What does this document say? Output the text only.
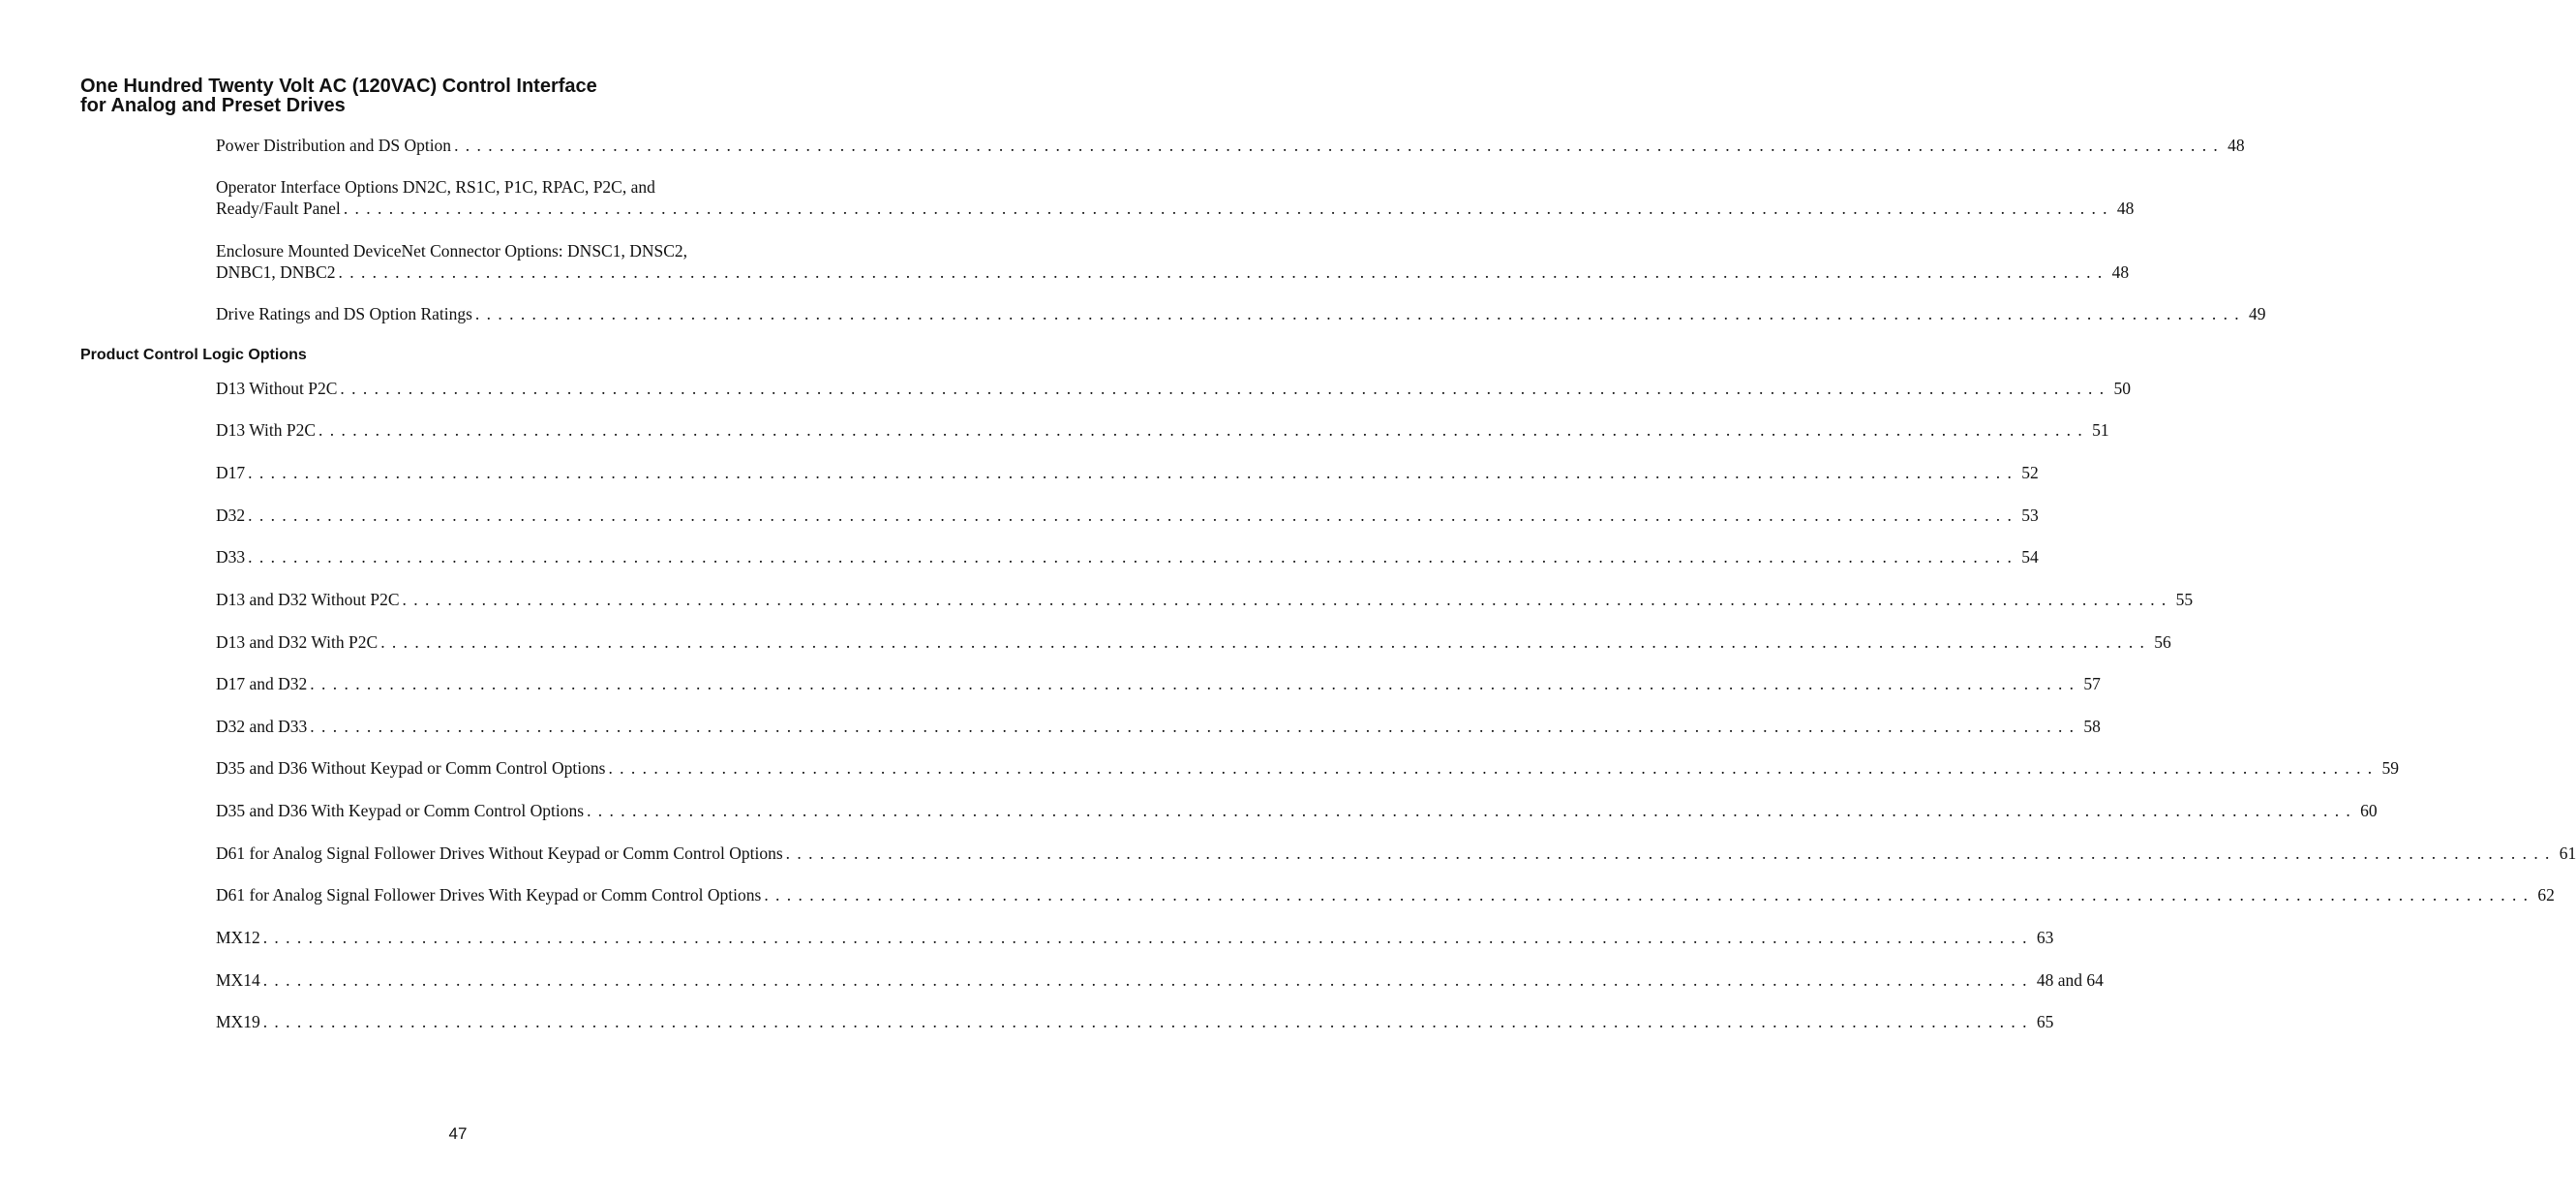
One Hundred Twenty Volt AC (120VAC) Control Interface
for Analog and Preset Drives
Power Distribution and DS Option ............................................................................................................................................................ 48
Operator Interface Options DN2C, RS1C, P1C, RPAC, P2C, and
Ready/Fault Panel ............................................................................................................................................................ 48
Enclosure Mounted DeviceNet Connector Options: DNSC1, DNSC2,
DNBC1, DNBC2 ............................................................................................................................................................ 48
Drive Ratings and DS Option Ratings ............................................................................................................................................................ 49
Product Control Logic Options
D13 Without P2C ............................................................................................................................................................ 50
D13 With P2C ............................................................................................................................................................ 51
D17 ............................................................................................................................................................ 52
D32 ............................................................................................................................................................ 53
D33 ............................................................................................................................................................ 54
D13 and D32 Without P2C ............................................................................................................................................................ 55
D13 and D32 With P2C ............................................................................................................................................................ 56
D17 and D32 ............................................................................................................................................................ 57
D32 and D33 ............................................................................................................................................................ 58
D35 and D36 Without Keypad or Comm Control Options ............................................................................................................................................................ 59
D35 and D36 With Keypad or Comm Control Options ............................................................................................................................................................ 60
D61 for Analog Signal Follower Drives Without Keypad or Comm Control Options ............................................................................................................................................................ 61
D61 for Analog Signal Follower Drives With Keypad or Comm Control Options ............................................................................................................................................................ 62
MX12 ............................................................................................................................................................ 63
MX14 ............................................................................................................................................................ 48 and 64
MX19 ............................................................................................................................................................ 65
47
